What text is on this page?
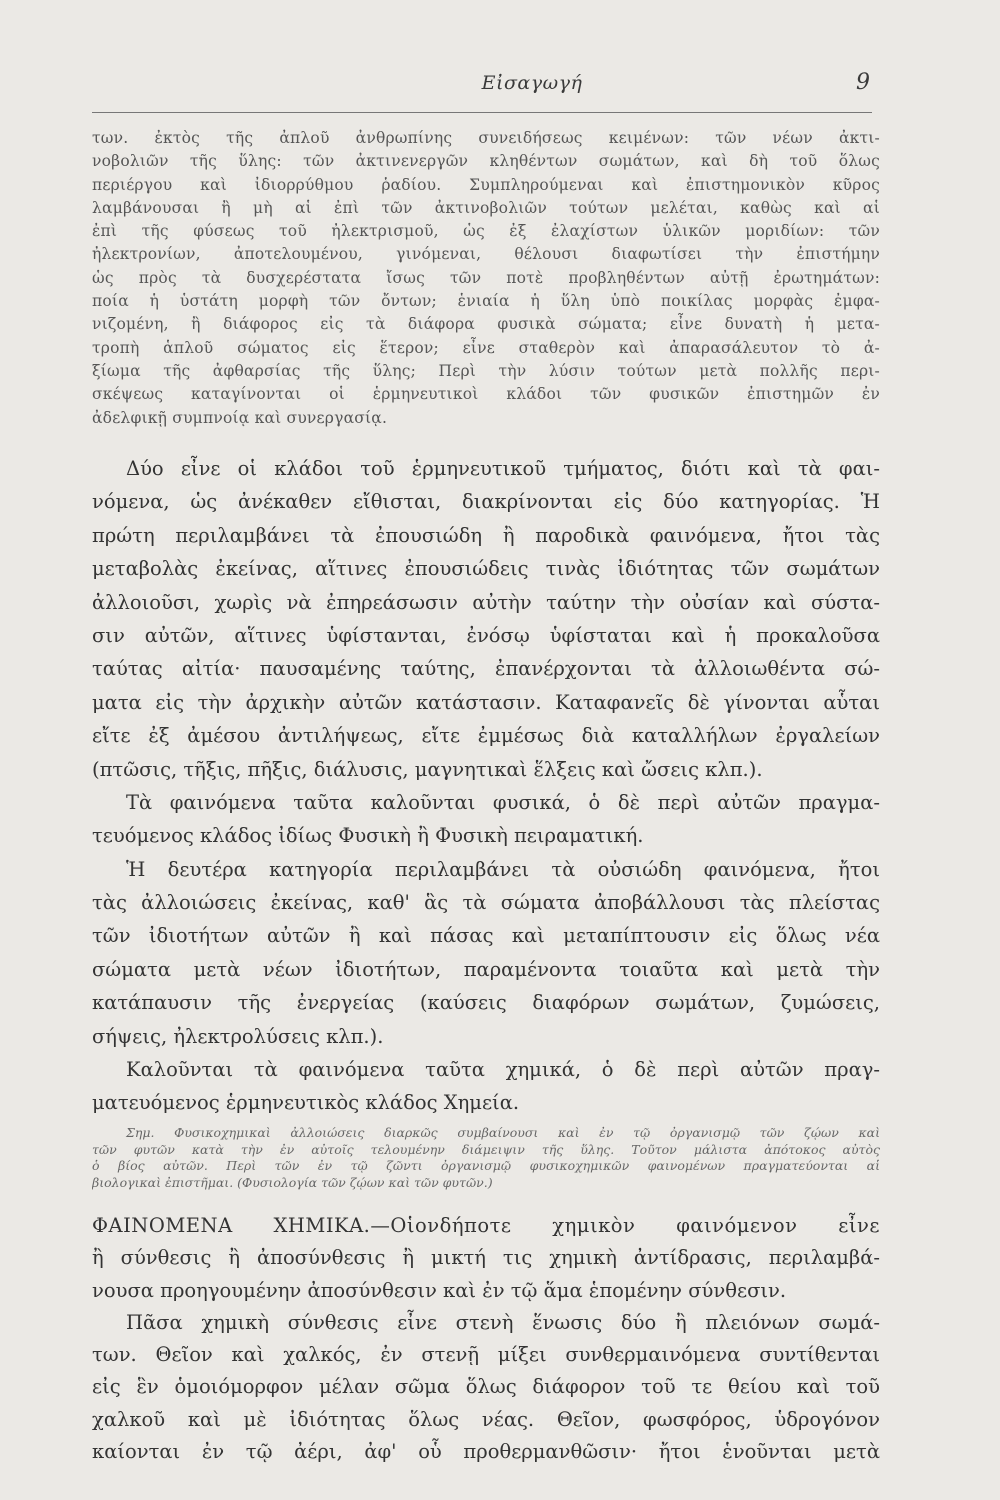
Εἰσαγωγή	9
των. ἐκτὸς τῆς ἀπλοῦ ἀνθρωπίνης συνειδήσεως κειμένων: τῶν νέων ἀκτι-
νοβολιῶν τῆς ὕλης: τῶν ἀκτινενεργῶν κληθέντων σωμάτων, καὶ δὴ τοῦ ὅλως
περιέργου καὶ ἰδιορρύθμου ῥαδίου. Συμπληρούμεναι καὶ ἐπιστημονικὸν κῦρος
λαμβάνουσαι ἢ μὴ αἱ ἐπὶ τῶν ἀκτινοβολιῶν τούτων μελέται, καθὼς καὶ αἱ
ἐπὶ τῆς φύσεως τοῦ ἠλεκτρισμοῦ, ὡς ἐξ ἐλαχίστων ὑλικῶν μοριδίων: τῶν
ἠλεκτρονίων, ἀποτελουμένου, γινόμεναι, θέλουσι διαφωτίσει τὴν ἐπιστήμην
ὡς πρὸς τὰ δυσχερέστατα ἴσως τῶν ποτὲ προβληθέντων αὐτῇ ἐρωτημάτων:
ποία ἡ ὑστάτη μορφὴ τῶν ὄντων; ἑνιαία ἡ ὕλη ὑπὸ ποικίλας μορφὰς ἐμφα-
νιζομένη, ἢ διάφορος εἰς τὰ διάφορα φυσικὰ σώματα; εἶνε δυνατὴ ἡ μετα-
τροπὴ ἁπλοῦ σώματος εἰς ἕτερον; εἶνε σταθερὸν καὶ ἀπαρασάλευτον τὸ ἀ-
ξίωμα τῆς ἀφθαρσίας τῆς ὕλης; Περὶ τὴν λύσιν τούτων μετὰ πολλῆς περι-
σκέψεως καταγίνονται οἱ ἑρμηνευτικοὶ κλάδοι τῶν φυσικῶν ἐπιστημῶν ἐν
ἀδελφικῇ συμπνοίᾳ καὶ συνεργασίᾳ.
Δύο εἶνε οἱ κλάδοι τοῦ ἑρμηνευτικοῦ τμήματος, διότι καὶ τὰ φαι-
νόμενα, ὡς ἀνέκαθεν εἴθισται, διακρίνονται εἰς δύο κατηγορίας. Ἡ
πρώτη περιλαμβάνει τὰ ἐπουσιώδη ἢ παροδικὰ φαινόμενα, ἤτοι τὰς
μεταβολὰς ἐκείνας, αἵτινες ἐπουσιώδεις τινὰς ἰδιότητας τῶν σωμάτων
ἀλλοιοῦσι, χωρὶς νὰ ἐπηρεάσωσιν αὐτὴν ταύτην τὴν οὐσίαν καὶ σύστα-
σιν αὐτῶν, αἵτινες ὑφίστανται, ἐνόσῳ ὑφίσταται καὶ ἡ προκαλοῦσα
ταύτας αἰτία· παυσαμένης ταύτης, ἐπανέρχονται τὰ ἀλλοιωθέντα σώ-
ματα εἰς τὴν ἀρχικὴν αὐτῶν κατάστασιν. Καταφανεῖς δὲ γίνονται αὗται
εἴτε ἐξ ἀμέσου ἀντιλήψεως, εἴτε ἐμμέσως διὰ καταλλήλων ἐργαλείων
(πτῶσις, τῆξις, πῆξις, διάλυσις, μαγνητικαὶ ἕλξεις καὶ ὤσεις κλπ.).
Τὰ φαινόμενα ταῦτα καλοῦνται φυσικά, ὁ δὲ περὶ αὐτῶν πραγμα-
τευόμενος κλάδος ἰδίως Φυσικὴ ἢ Φυσικὴ πειραματική.
Ἡ δευτέρα κατηγορία περιλαμβάνει τὰ οὐσιώδη φαινόμενα, ἤτοι
τὰς ἀλλοιώσεις ἐκείνας, καθ' ἃς τὰ σώματα ἀποβάλλουσι τὰς πλείστας
τῶν ἰδιοτήτων αὐτῶν ἢ καὶ πάσας καὶ μεταπίπτουσιν εἰς ὅλως νέα
σώματα μετὰ νέων ἰδιοτήτων, παραμένοντα τοιαῦτα καὶ μετὰ τὴν
κατάπαυσιν τῆς ἐνεργείας (καύσεις διαφόρων σωμάτων, ζυμώσεις,
σήψεις, ἠλεκτρολύσεις κλπ.).
Καλοῦνται τὰ φαινόμενα ταῦτα χημικά, ὁ δὲ περὶ αὐτῶν πραγ-
ματευόμενος ἑρμηνευτικὸς κλάδος Χημεία.
Σημ. Φυσικοχημικαὶ ἀλλοιώσεις διαρκῶς συμβαίνουσι καὶ ἐν τῷ ὀργανισμῷ τῶν ζῴων καὶ
τῶν φυτῶν κατὰ τὴν ἐν αὐτοῖς τελουμένην διάμειψιν τῆς ὕλης. Τοῦτον μάλιστα ἀπότοκος αὐτὸς
ὁ βίος αὐτῶν. Περὶ τῶν ἐν τῷ ζῶντι ὀργανισμῷ φυσικοχημικῶν φαινομένων πραγματεύονται αἱ
βιολογικαὶ ἐπιστῆμαι. (Φυσιολογία τῶν ζῴων καὶ τῶν φυτῶν.)
ΦΑΙΝΟΜΕΝΑ ΧΗΜΙΚΑ.—Οἱονδήποτε χημικὸν φαινόμενον εἶνε
ἢ σύνθεσις ἢ ἀποσύνθεσις ἢ μικτή τις χημικὴ ἀντίδρασις, περιλαμβά-
νουσα προηγουμένην ἀποσύνθεσιν καὶ ἐν τῷ ἅμα ἑπομένην σύνθεσιν.
Πᾶσα χημικὴ σύνθεσις εἶνε στενὴ ἕνωσις δύο ἢ πλειόνων σωμά-
των. Θεῖον καὶ χαλκός, ἐν στενῇ μίξει συνθερμαινόμενα συντίθενται
εἰς ἓν ὁμοιόμορφον μέλαν σῶμα ὅλως διάφορον τοῦ τε θείου καὶ τοῦ
χαλκοῦ καὶ μὲ ἰδιότητας ὅλως νέας. Θεῖον, φωσφόρος, ὑδρογόνον
καίονται ἐν τῷ ἀέρι, ἀφ' οὗ προθερμανθῶσιν· ἤτοι ἑνοῦνται μετὰ
